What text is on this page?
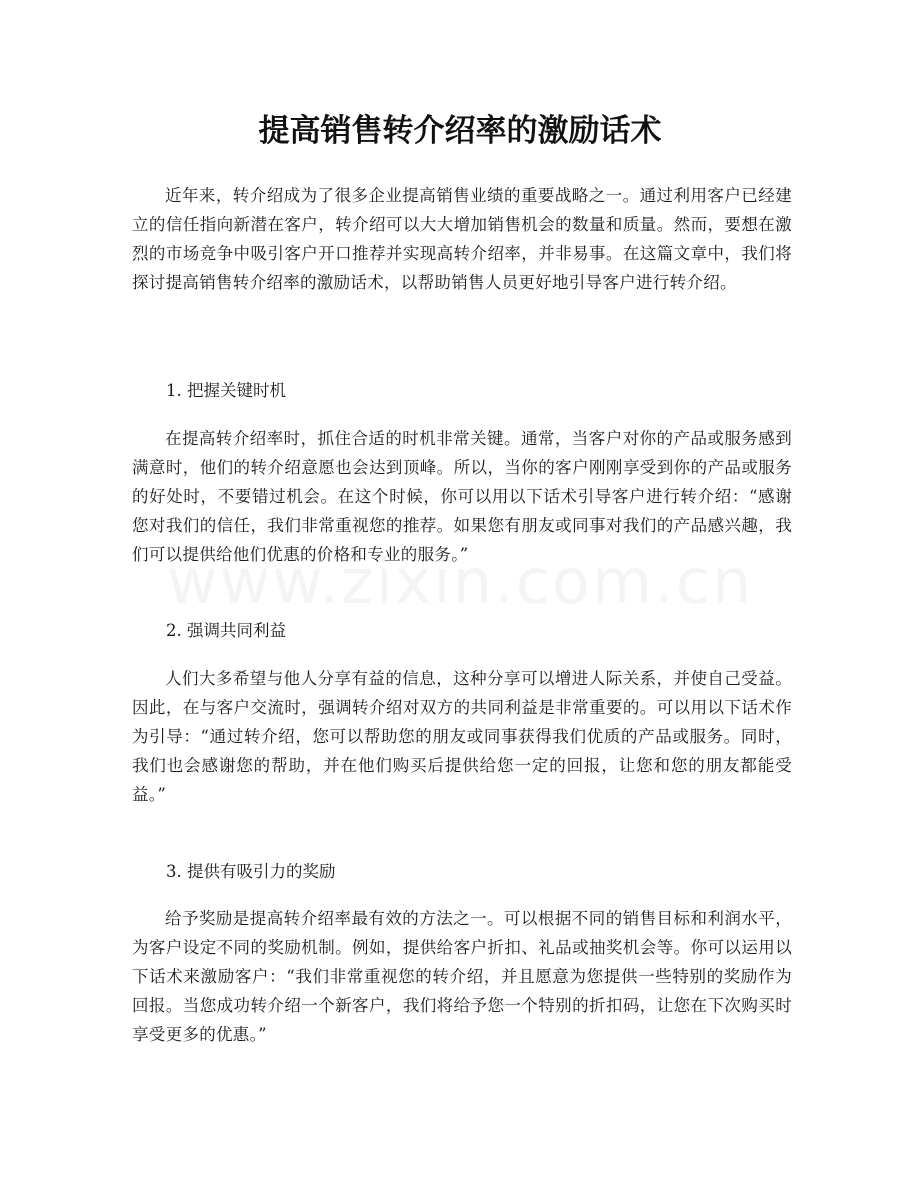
提高销售转介绍率的激励话术

近年来，转介绍成为了很多企业提高销售业绩的重要战略之一。通过利用客户已经建立的信任指向新潜在客户，转介绍可以大大增加销售机会的数量和质量。然而，要想在激烈的市场竞争中吸引客户开口推荐并实现高转介绍率，并非易事。在这篇文章中，我们将探讨提高销售转介绍率的激励话术，以帮助销售人员更好地引导客户进行转介绍。

1. 把握关键时机

在提高转介绍率时，抓住合适的时机非常关键。通常，当客户对你的产品或服务感到满意时，他们的转介绍意愿也会达到顶峰。所以，当你的客户刚刚享受到你的产品或服务的好处时，不要错过机会。在这个时候，你可以用以下话术引导客户进行转介绍：“感谢您对我们的信任，我们非常重视您的推荐。如果您有朋友或同事对我们的产品感兴趣，我们可以提供给他们优惠的价格和专业的服务。”

2. 强调共同利益

人们大多希望与他人分享有益的信息，这种分享可以增进人际关系，并使自己受益。因此，在与客户交流时，强调转介绍对双方的共同利益是非常重要的。可以用以下话术作为引导：“通过转介绍，您可以帮助您的朋友或同事获得我们优质的产品或服务。同时，我们也会感谢您的帮助，并在他们购买后提供给您一定的回报，让您和您的朋友都能受益。”

3. 提供有吸引力的奖励

给予奖励是提高转介绍率最有效的方法之一。可以根据不同的销售目标和利润水平，为客户设定不同的奖励机制。例如，提供给客户折扣、礼品或抽奖机会等。你可以运用以下话术来激励客户：“我们非常重视您的转介绍，并且愿意为您提供一些特别的奖励作为回报。当您成功转介绍一个新客户，我们将给予您一个特别的折扣码，让您在下次购买时享受更多的优惠。”
